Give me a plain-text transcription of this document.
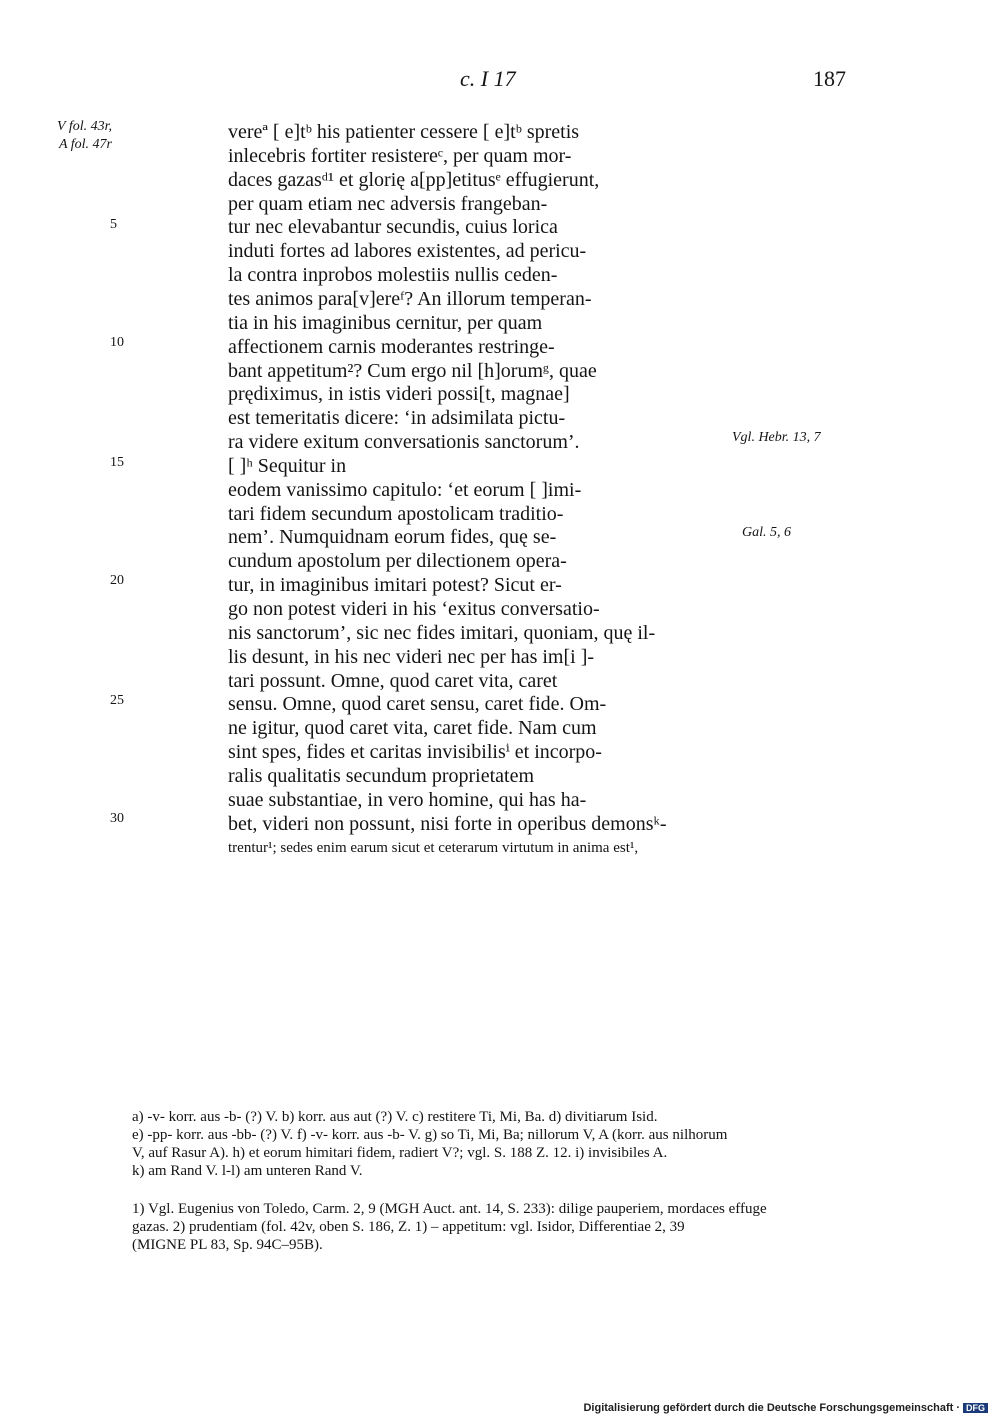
c. I 17	187
V fol. 43r,
A fol. 47r
5
10
15
20
25
30
vereª [ e]tᵇ his patienter cessere [ e]tᵇ spretis
inlecebris fortiter resistereᶜ, per quam mor-
daces gazasᵈ¹ et glorię a[pp]etitusᵉ effugierunt,
per quam etiam nec adversis frangeban-
tur nec elevabantur secundis, cuius lorica
induti fortes ad labores existentes, ad pericu-
la contra inprobos molestiis nullis ceden-
tes animos para[v]ereᶠ? An illorum temperan-
tia in his imaginibus cernitur, per quam
affectionem carnis moderantes restringe-
bant appetitum²? Cum ergo nil [h]orumᵍ, quae
prędiximus, in istis videri possi[t, magnae]
est temeritatis dicere: ‘in adsimilata pictu-
ra videre exitum conversationis sanctorum’.
[ ]ʰ Sequitur in
eodem vanissimo capitulo: ‘et eorum [ ]imi-
tari fidem secundum apostolicam traditio-
nem’. Numquidnam eorum fides, quę se-
cundum apostolum per dilectionem opera-
tur, in imaginibus imitari potest? Sicut er-
go non potest videri in his ‘exitus conversatio-
nis sanctorum’, sic nec fides imitari, quoniam, quę il-
lis desunt, in his nec videri nec per has im[i ]-
tari possunt. Omne, quod caret vita, caret
sensu. Omne, quod caret sensu, caret fide. Om-
ne igitur, quod caret vita, caret fide. Nam cum
sint spes, fides et caritas invisibilisⁱ et incorpo-
ralis qualitatis secundum proprietatem
suae substantiae, in vero homine, qui has ha-
bet, videri non possunt, nisi forte in operibus demonsᵏ-
trentur¹; sedes enim earum sicut et ceterarum virtutum in anima est¹,
Vgl. Hebr. 13, 7
Gal. 5, 6
a) -v- korr. aus -b- (?) V. b) korr. aus aut (?) V. c) restitere Ti, Mi, Ba. d) divitiarum Isid.
e) -pp- korr. aus -bb- (?) V. f) -v- korr. aus -b- V. g) so Ti, Mi, Ba; nillorum V, A (korr. aus nilhorum
V, auf Rasur A). h) et eorum himitari fidem, radiert V?; vgl. S. 188 Z. 12. i) invisibiles A.
k) am Rand V. l-l) am unteren Rand V.
1) Vgl. Eugenius von Toledo, Carm. 2, 9 (MGH Auct. ant. 14, S. 233): dilige pauperiem, mordaces effuge
gazas. 2) prudentiam (fol. 42v, oben S. 186, Z. 1) – appetitum: vgl. Isidor, Differentiae 2, 39
(MIGNE PL 83, Sp. 94C–95B).
Digitalisierung gefördert durch die Deutsche Forschungsgemeinschaft · DFG
